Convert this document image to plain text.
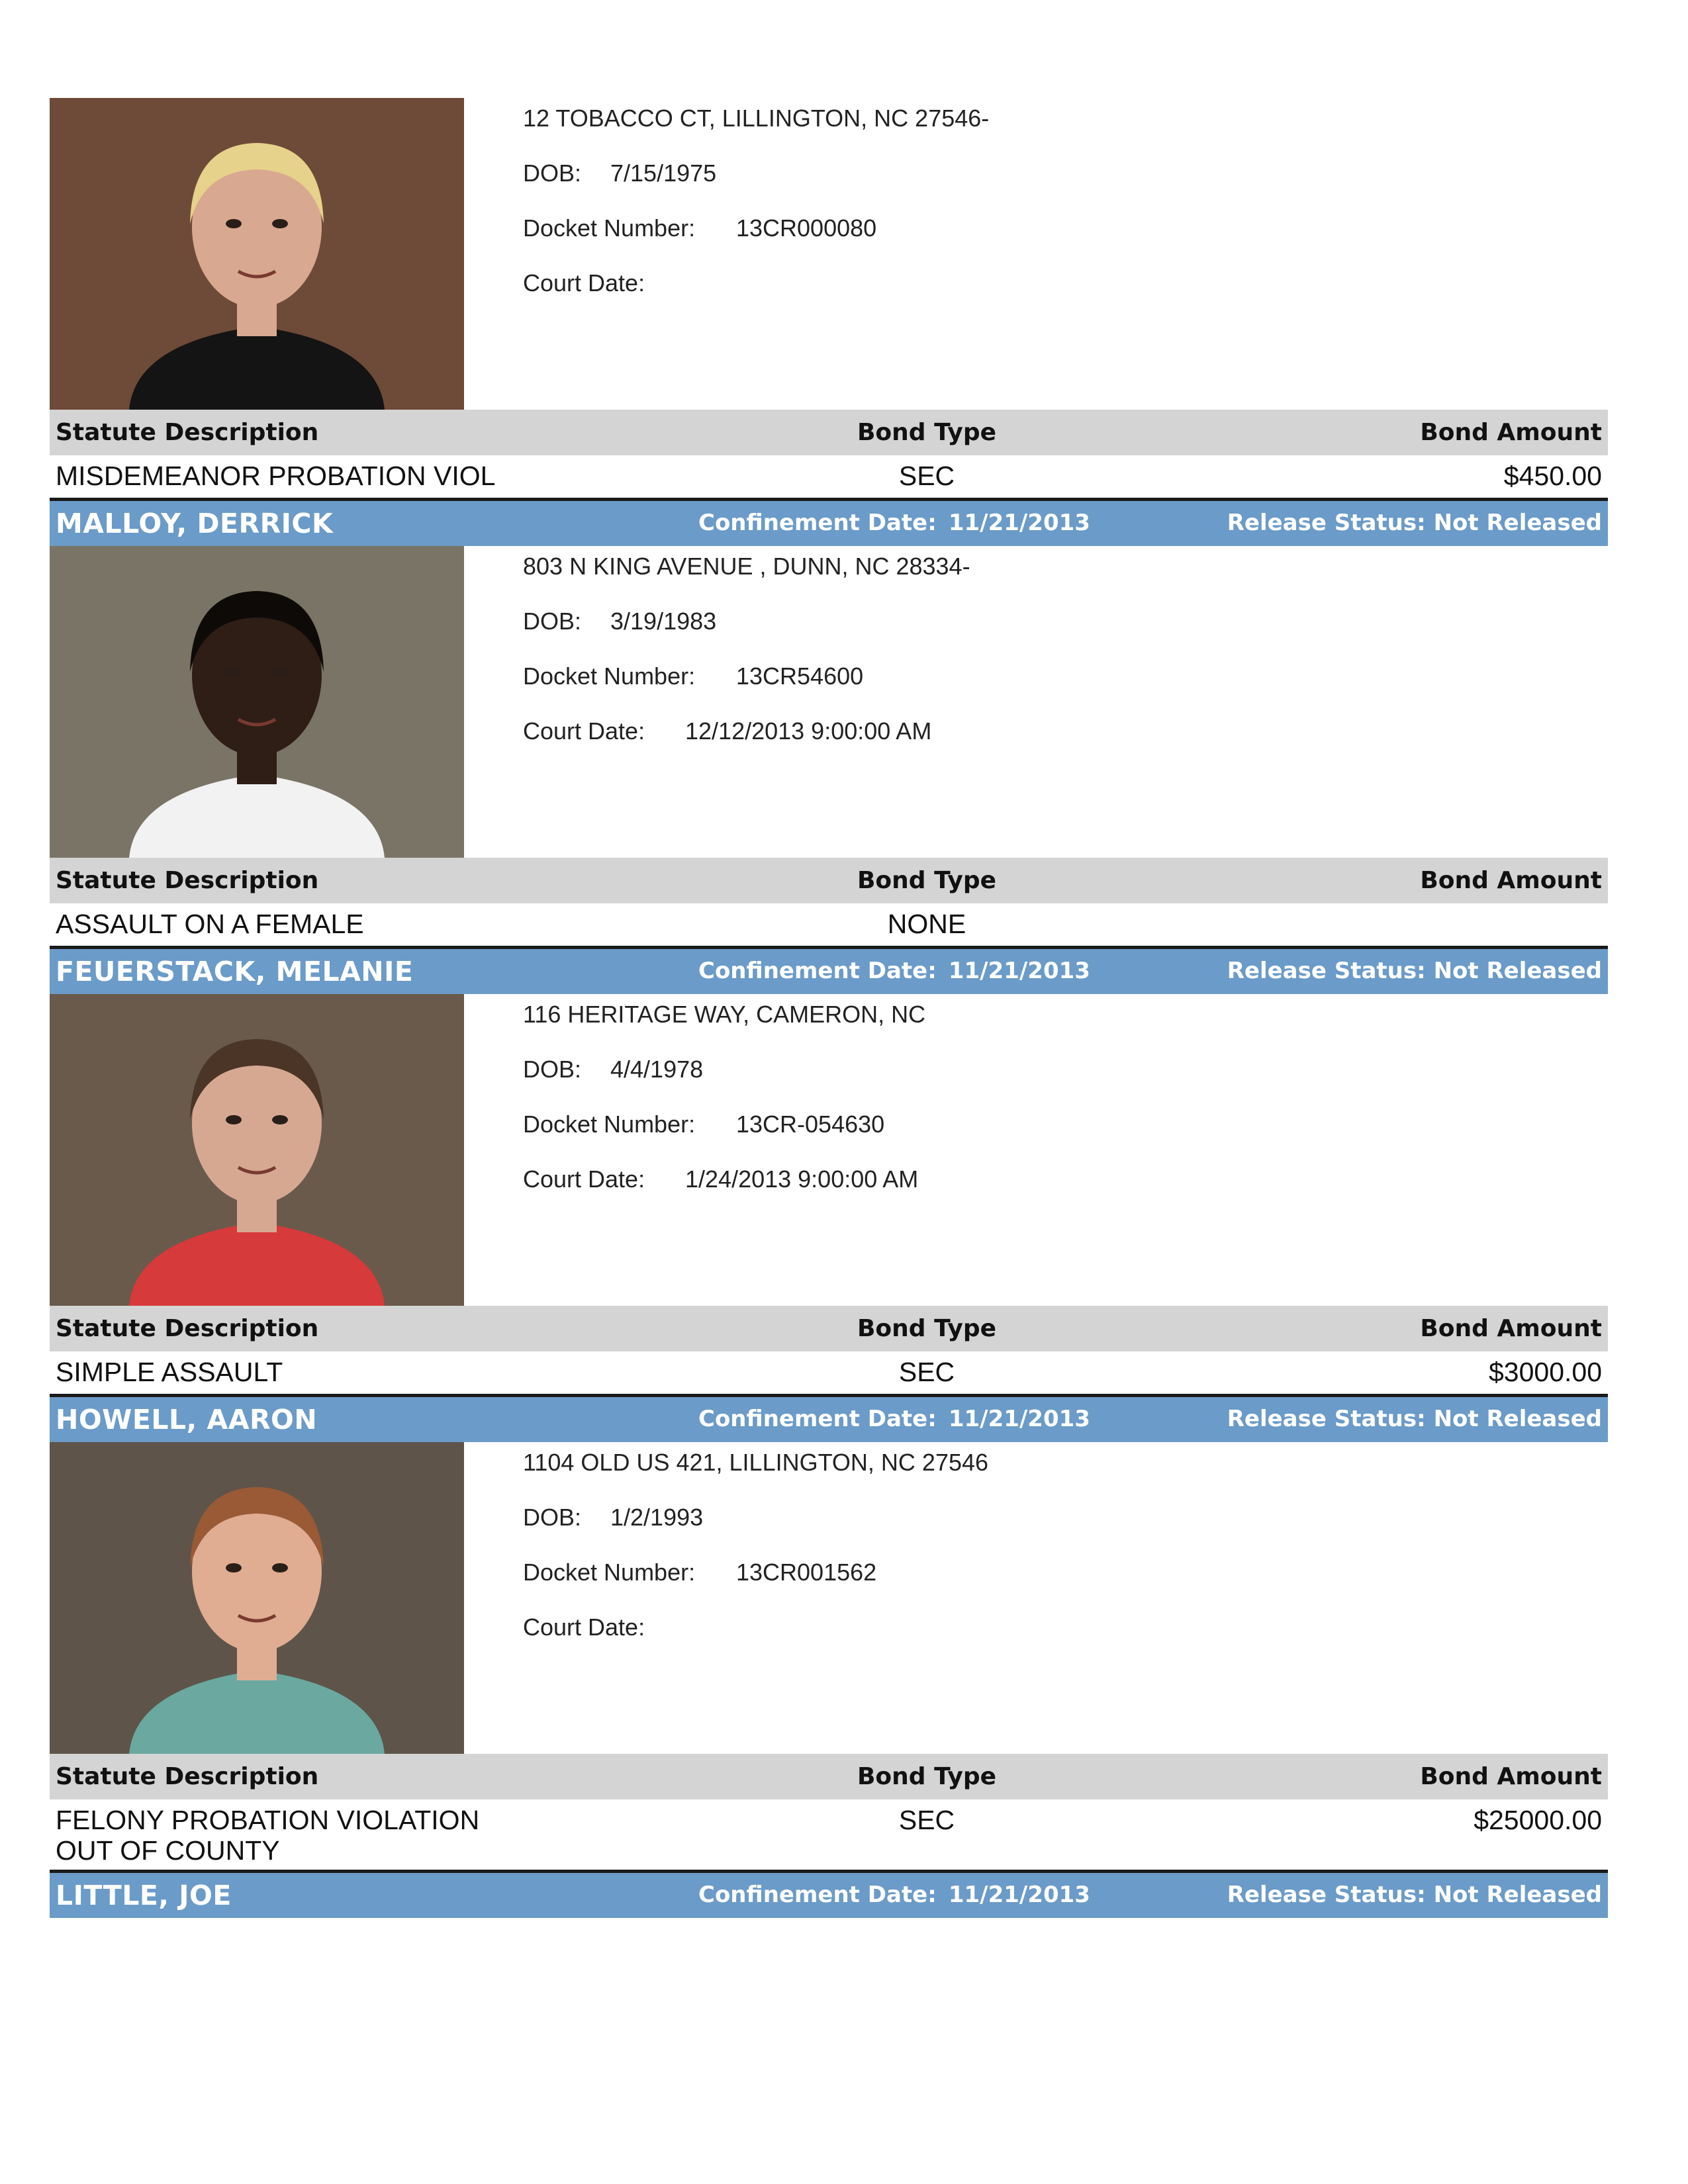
12 TOBACCO CT, LILLINGTON, NC 27546-
DOB: 7/15/1975
Docket Number: 13CR000080
Court Date:
Statute Description	Bond Type	Bond Amount
MISDEMEANOR PROBATION VIOL	SEC	$450.00
MALLOY, DERRICK	Confinement Date: 11/21/2013	Release Status: Not Released
803 N KING AVENUE , DUNN, NC 28334-
DOB: 3/19/1983
Docket Number: 13CR54600
Court Date: 12/12/2013 9:00:00 AM
Statute Description	Bond Type	Bond Amount
ASSAULT ON A FEMALE	NONE
FEUERSTACK, MELANIE	Confinement Date: 11/21/2013	Release Status: Not Released
116 HERITAGE WAY, CAMERON, NC
DOB: 4/4/1978
Docket Number: 13CR-054630
Court Date: 1/24/2013 9:00:00 AM
Statute Description	Bond Type	Bond Amount
SIMPLE ASSAULT	SEC	$3000.00
HOWELL, AARON	Confinement Date: 11/21/2013	Release Status: Not Released
1104 OLD US 421, LILLINGTON, NC 27546
DOB: 1/2/1993
Docket Number: 13CR001562
Court Date:
Statute Description	Bond Type	Bond Amount
FELONY PROBATION VIOLATION
OUT OF COUNTY
SEC	$25000.00
LITTLE, JOE	Confinement Date: 11/21/2013	Release Status: Not Released
